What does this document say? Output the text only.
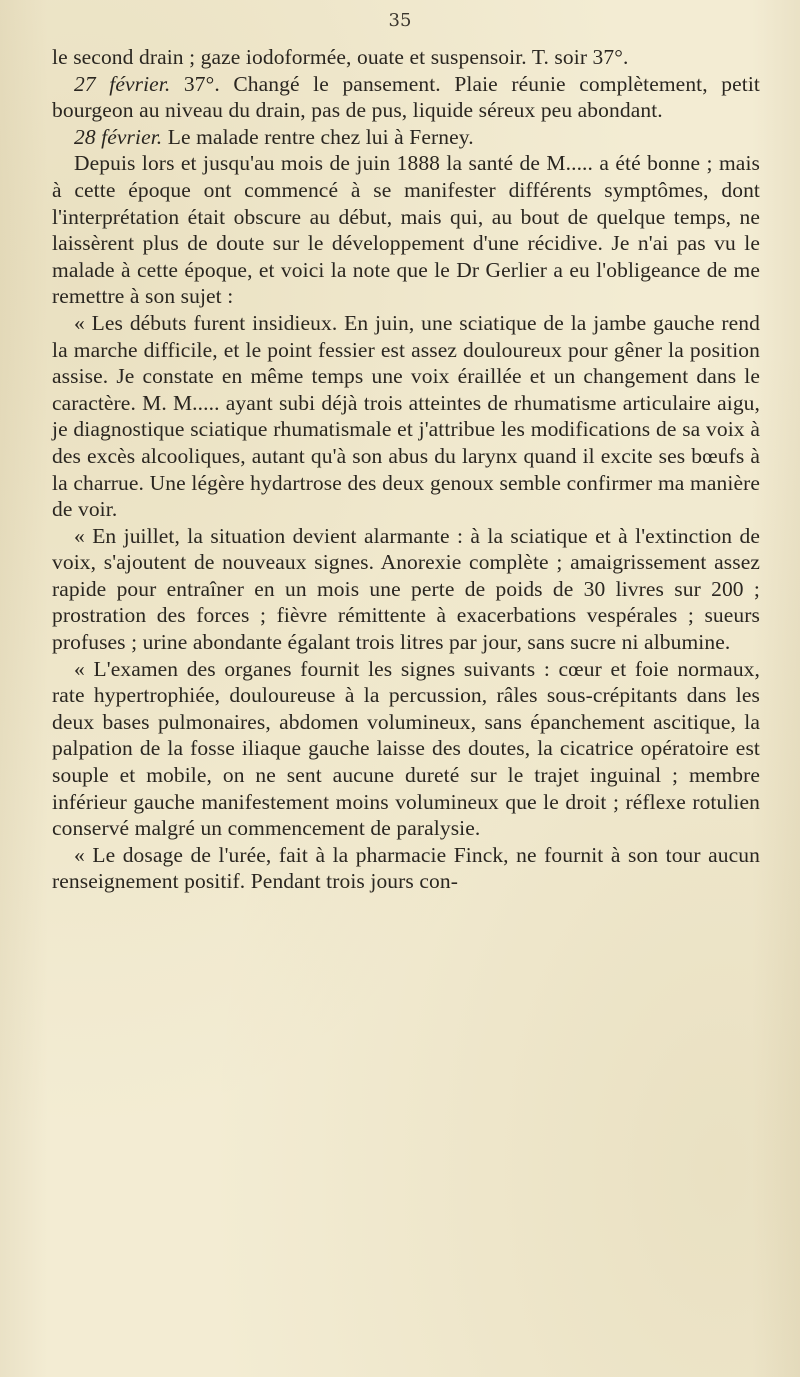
35

le second drain ; gaze iodoformée, ouate et suspensoir. T. soir 37°.

27 février. 37°. Changé le pansement. Plaie réunie complètement, petit bourgeon au niveau du drain, pas de pus, liquide séreux peu abondant.

28 février. Le malade rentre chez lui à Ferney.

Depuis lors et jusqu'au mois de juin 1888 la santé de M..... a été bonne ; mais à cette époque ont commencé à se manifester différents symptômes, dont l'interprétation était obscure au début, mais qui, au bout de quelque temps, ne laissèrent plus de doute sur le développement d'une récidive. Je n'ai pas vu le malade à cette époque, et voici la note que le Dr Gerlier a eu l'obligeance de me remettre à son sujet :

« Les débuts furent insidieux. En juin, une sciatique de la jambe gauche rend la marche difficile, et le point fessier est assez douloureux pour gêner la position assise. Je constate en même temps une voix éraillée et un changement dans le caractère. M. M..... ayant subi déjà trois atteintes de rhumatisme articulaire aigu, je diagnostique sciatique rhumatismale et j'attribue les modifications de sa voix à des excès alcooliques, autant qu'à son abus du larynx quand il excite ses bœufs à la charrue. Une légère hydartrose des deux genoux semble confirmer ma manière de voir.

« En juillet, la situation devient alarmante : à la sciatique et à l'extinction de voix, s'ajoutent de nouveaux signes. Anorexie complète ; amaigrissement assez rapide pour entraîner en un mois une perte de poids de 30 livres sur 200 ; prostration des forces ; fièvre rémittente à exacerbations vespérales ; sueurs profuses ; urine abondante égalant trois litres par jour, sans sucre ni albumine.

« L'examen des organes fournit les signes suivants : cœur et foie normaux, rate hypertrophiée, douloureuse à la percussion, râles sous-crépitants dans les deux bases pulmonaires, abdomen volumineux, sans épanchement ascitique, la palpation de la fosse iliaque gauche laisse des doutes, la cicatrice opératoire est souple et mobile, on ne sent aucune dureté sur le trajet inguinal ; membre inférieur gauche manifestement moins volumineux que le droit ; réflexe rotulien conservé malgré un commencement de paralysie.

« Le dosage de l'urée, fait à la pharmacie Finck, ne fournit à son tour aucun renseignement positif. Pendant trois jours con-
